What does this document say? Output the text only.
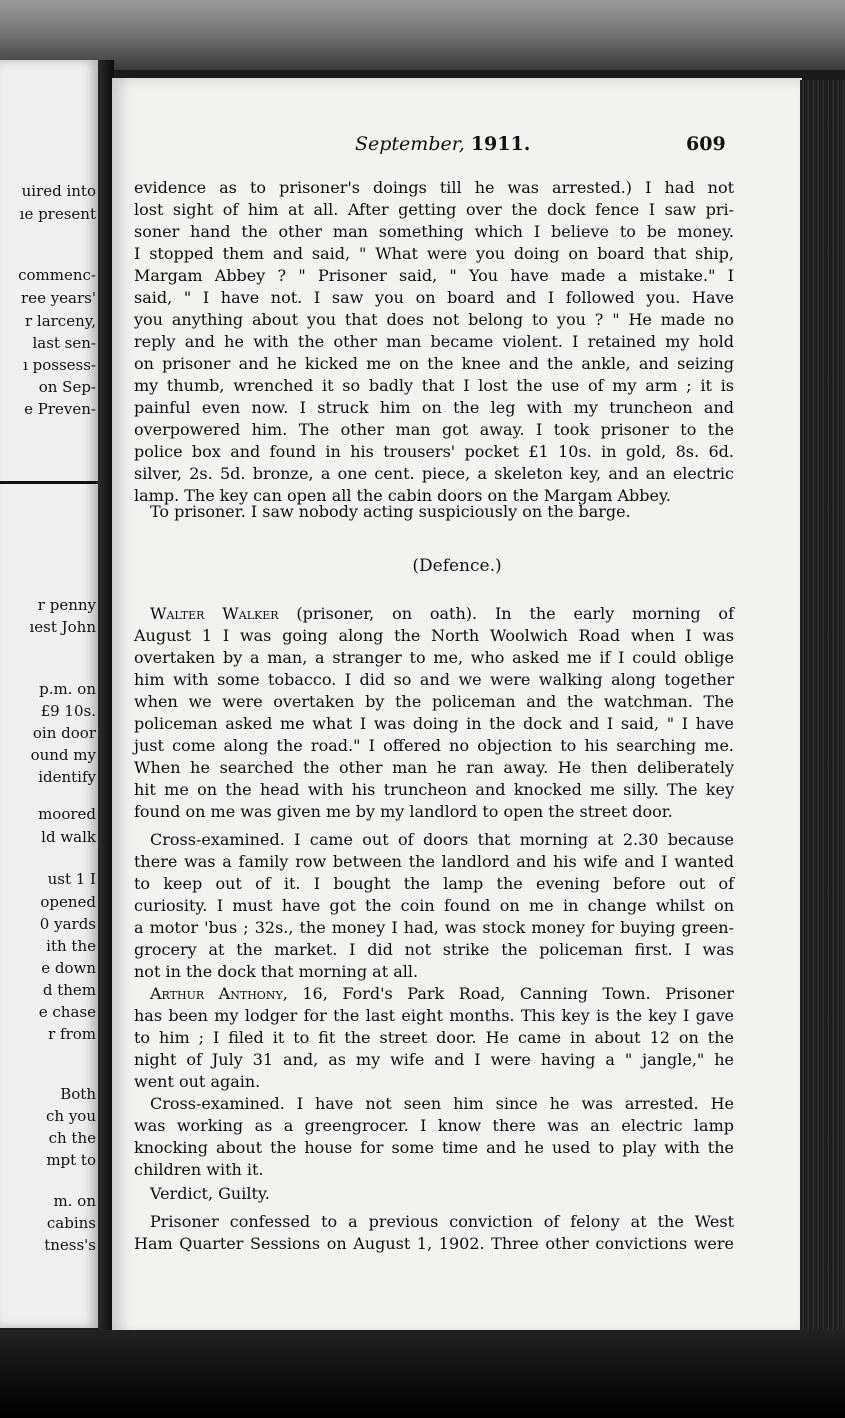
uired into
ıe present
commenc-
ree years'
r larceny,
last sen-
ı possess-
on Sep-
e Preven-
r penny
ıest John
p.m. on
£9 10s.
oin door
ound my
identify
moored
ld walk
ust 1 I
opened
0 yards
ith the
e down
d them
e chase
r from
Both
ch you
ch the
mpt to
m. on
cabins
tness's
September, 1911.	609
evidence as to prisoner's doings till he was arrested.) I had not
lost sight of him at all. After getting over the dock fence I saw pri-
soner hand the other man something which I believe to be money.
I stopped them and said, " What were you doing on board that ship,
Margam Abbey ? " Prisoner said, " You have made a mistake." I
said, " I have not. I saw you on board and I followed you. Have
you anything about you that does not belong to you ? " He made no
reply and he with the other man became violent. I retained my hold
on prisoner and he kicked me on the knee and the ankle, and seizing
my thumb, wrenched it so badly that I lost the use of my arm ; it is
painful even now. I struck him on the leg with my truncheon and
overpowered him. The other man got away. I took prisoner to the
police box and found in his trousers' pocket £1 10s. in gold, 8s. 6d.
silver, 2s. 5d. bronze, a one cent. piece, a skeleton key, and an electric
lamp. The key can open all the cabin doors on the Margam Abbey.
To prisoner. I saw nobody acting suspiciously on the barge.
(Defence.)
Walter Walker (prisoner, on oath). In the early morning of
August 1 I was going along the North Woolwich Road when I was
overtaken by a man, a stranger to me, who asked me if I could oblige
him with some tobacco. I did so and we were walking along together
when we were overtaken by the policeman and the watchman. The
policeman asked me what I was doing in the dock and I said, " I have
just come along the road." I offered no objection to his searching me.
When he searched the other man he ran away. He then deliberately
hit me on the head with his truncheon and knocked me silly. The key
found on me was given me by my landlord to open the street door.
Cross-examined. I came out of doors that morning at 2.30 because
there was a family row between the landlord and his wife and I wanted
to keep out of it. I bought the lamp the evening before out of
curiosity. I must have got the coin found on me in change whilst on
a motor 'bus ; 32s., the money I had, was stock money for buying green-
grocery at the market. I did not strike the policeman first. I was
not in the dock that morning at all.
Arthur Anthony, 16, Ford's Park Road, Canning Town. Prisoner
has been my lodger for the last eight months. This key is the key I gave
to him ; I filed it to fit the street door. He came in about 12 on the
night of July 31 and, as my wife and I were having a " jangle," he
went out again.
Cross-examined. I have not seen him since he was arrested. He
was working as a greengrocer. I know there was an electric lamp
knocking about the house for some time and he used to play with the
children with it.
Verdict, Guilty.
Prisoner confessed to a previous conviction of felony at the West
Ham Quarter Sessions on August 1, 1902. Three other convictions were
